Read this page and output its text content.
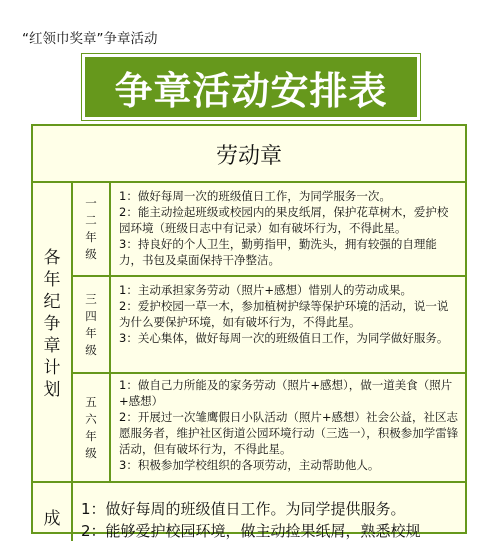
“红领巾奖章”争章活动
争章活动安排表
劳动章
各
年
纪
争
章
计
划
一
二
年
级

1：做好每周一次的班级值日工作，为同学服务一次。

2：能主动捡起班级或校园内的果皮纸屑，保护花草树木，爱护校园环境（班级日志中有记录）如有破坏行为，不得此星。

3：持良好的个人卫生，勤剪指甲，勤洗头，拥有较强的自理能力，书包及桌面保持干净整洁。

三
四
年
级

1：主动承担家务劳动（照片+感想）惜别人的劳动成果。

2：爱护校园一草一木，参加植树护绿等保护环境的活动，说一说为什么要保护环境，如有破坏行为，不得此星。

3：关心集体，做好每周一次的班级值日工作，为同学做好服务。

五
六
年
级

1：做自己力所能及的家务劳动（照片+感想），做一道美食（照片+感想）

2：开展过一次雏鹰假日小队活动（照片+感想）社会公益，社区志愿服务者，维护社区街道公园环境行动（三选一），积极参加学雷锋活动，但有破坏行为，不得此星。

3：积极参加学校组织的各项劳动，主动帮助他人。

成 1：做好每周的班级值日工作。为同学提供服务。

2：能够爱护校园环境，做主动捡果纸屑，熟悉校规
